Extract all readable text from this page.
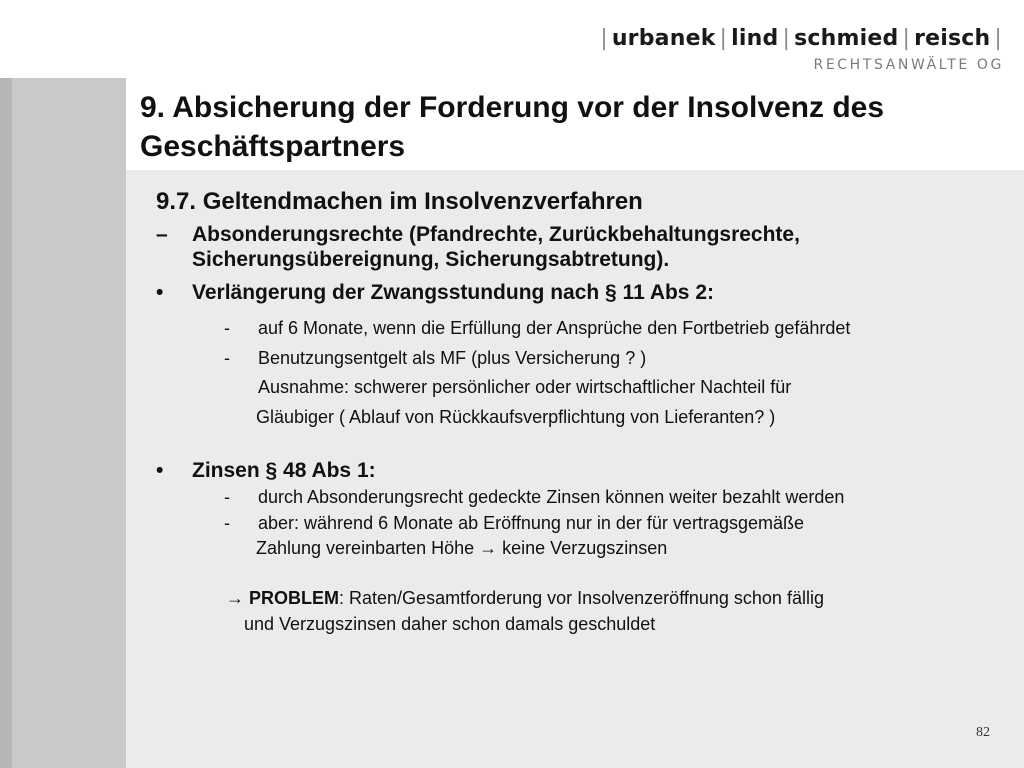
| urbanek | lind | schmied | reisch |
RECHTSANWÄLTE OG
9. Absicherung der Forderung vor der Insolvenz des Geschäftspartners
9.7. Geltendmachen im Insolvenzverfahren
–	Absonderungsrechte (Pfandrechte, Zurückbehaltungsrechte, Sicherungsübereignung, Sicherungsabtretung).
•	Verlängerung der Zwangsstundung nach § 11 Abs 2:
-	auf 6 Monate, wenn die Erfüllung der Ansprüche den Fortbetrieb gefährdet
-	Benutzungsentgelt als MF (plus Versicherung ? )
Ausnahme: schwerer persönlicher oder wirtschaftlicher Nachteil für
Gläubiger ( Ablauf von Rückkaufsverpflichtung von Lieferanten? )
•	Zinsen § 48 Abs 1:
-	durch Absonderungsrecht gedeckte Zinsen können weiter bezahlt werden
-	aber: während 6 Monate ab Eröffnung nur in der für vertragsgemäße
Zahlung vereinbarten Höhe → keine Verzugszinsen
→ PROBLEM: Raten/Gesamtforderung vor Insolvenzeröffnung schon fällig
und Verzugszinsen daher schon damals geschuldet
82
